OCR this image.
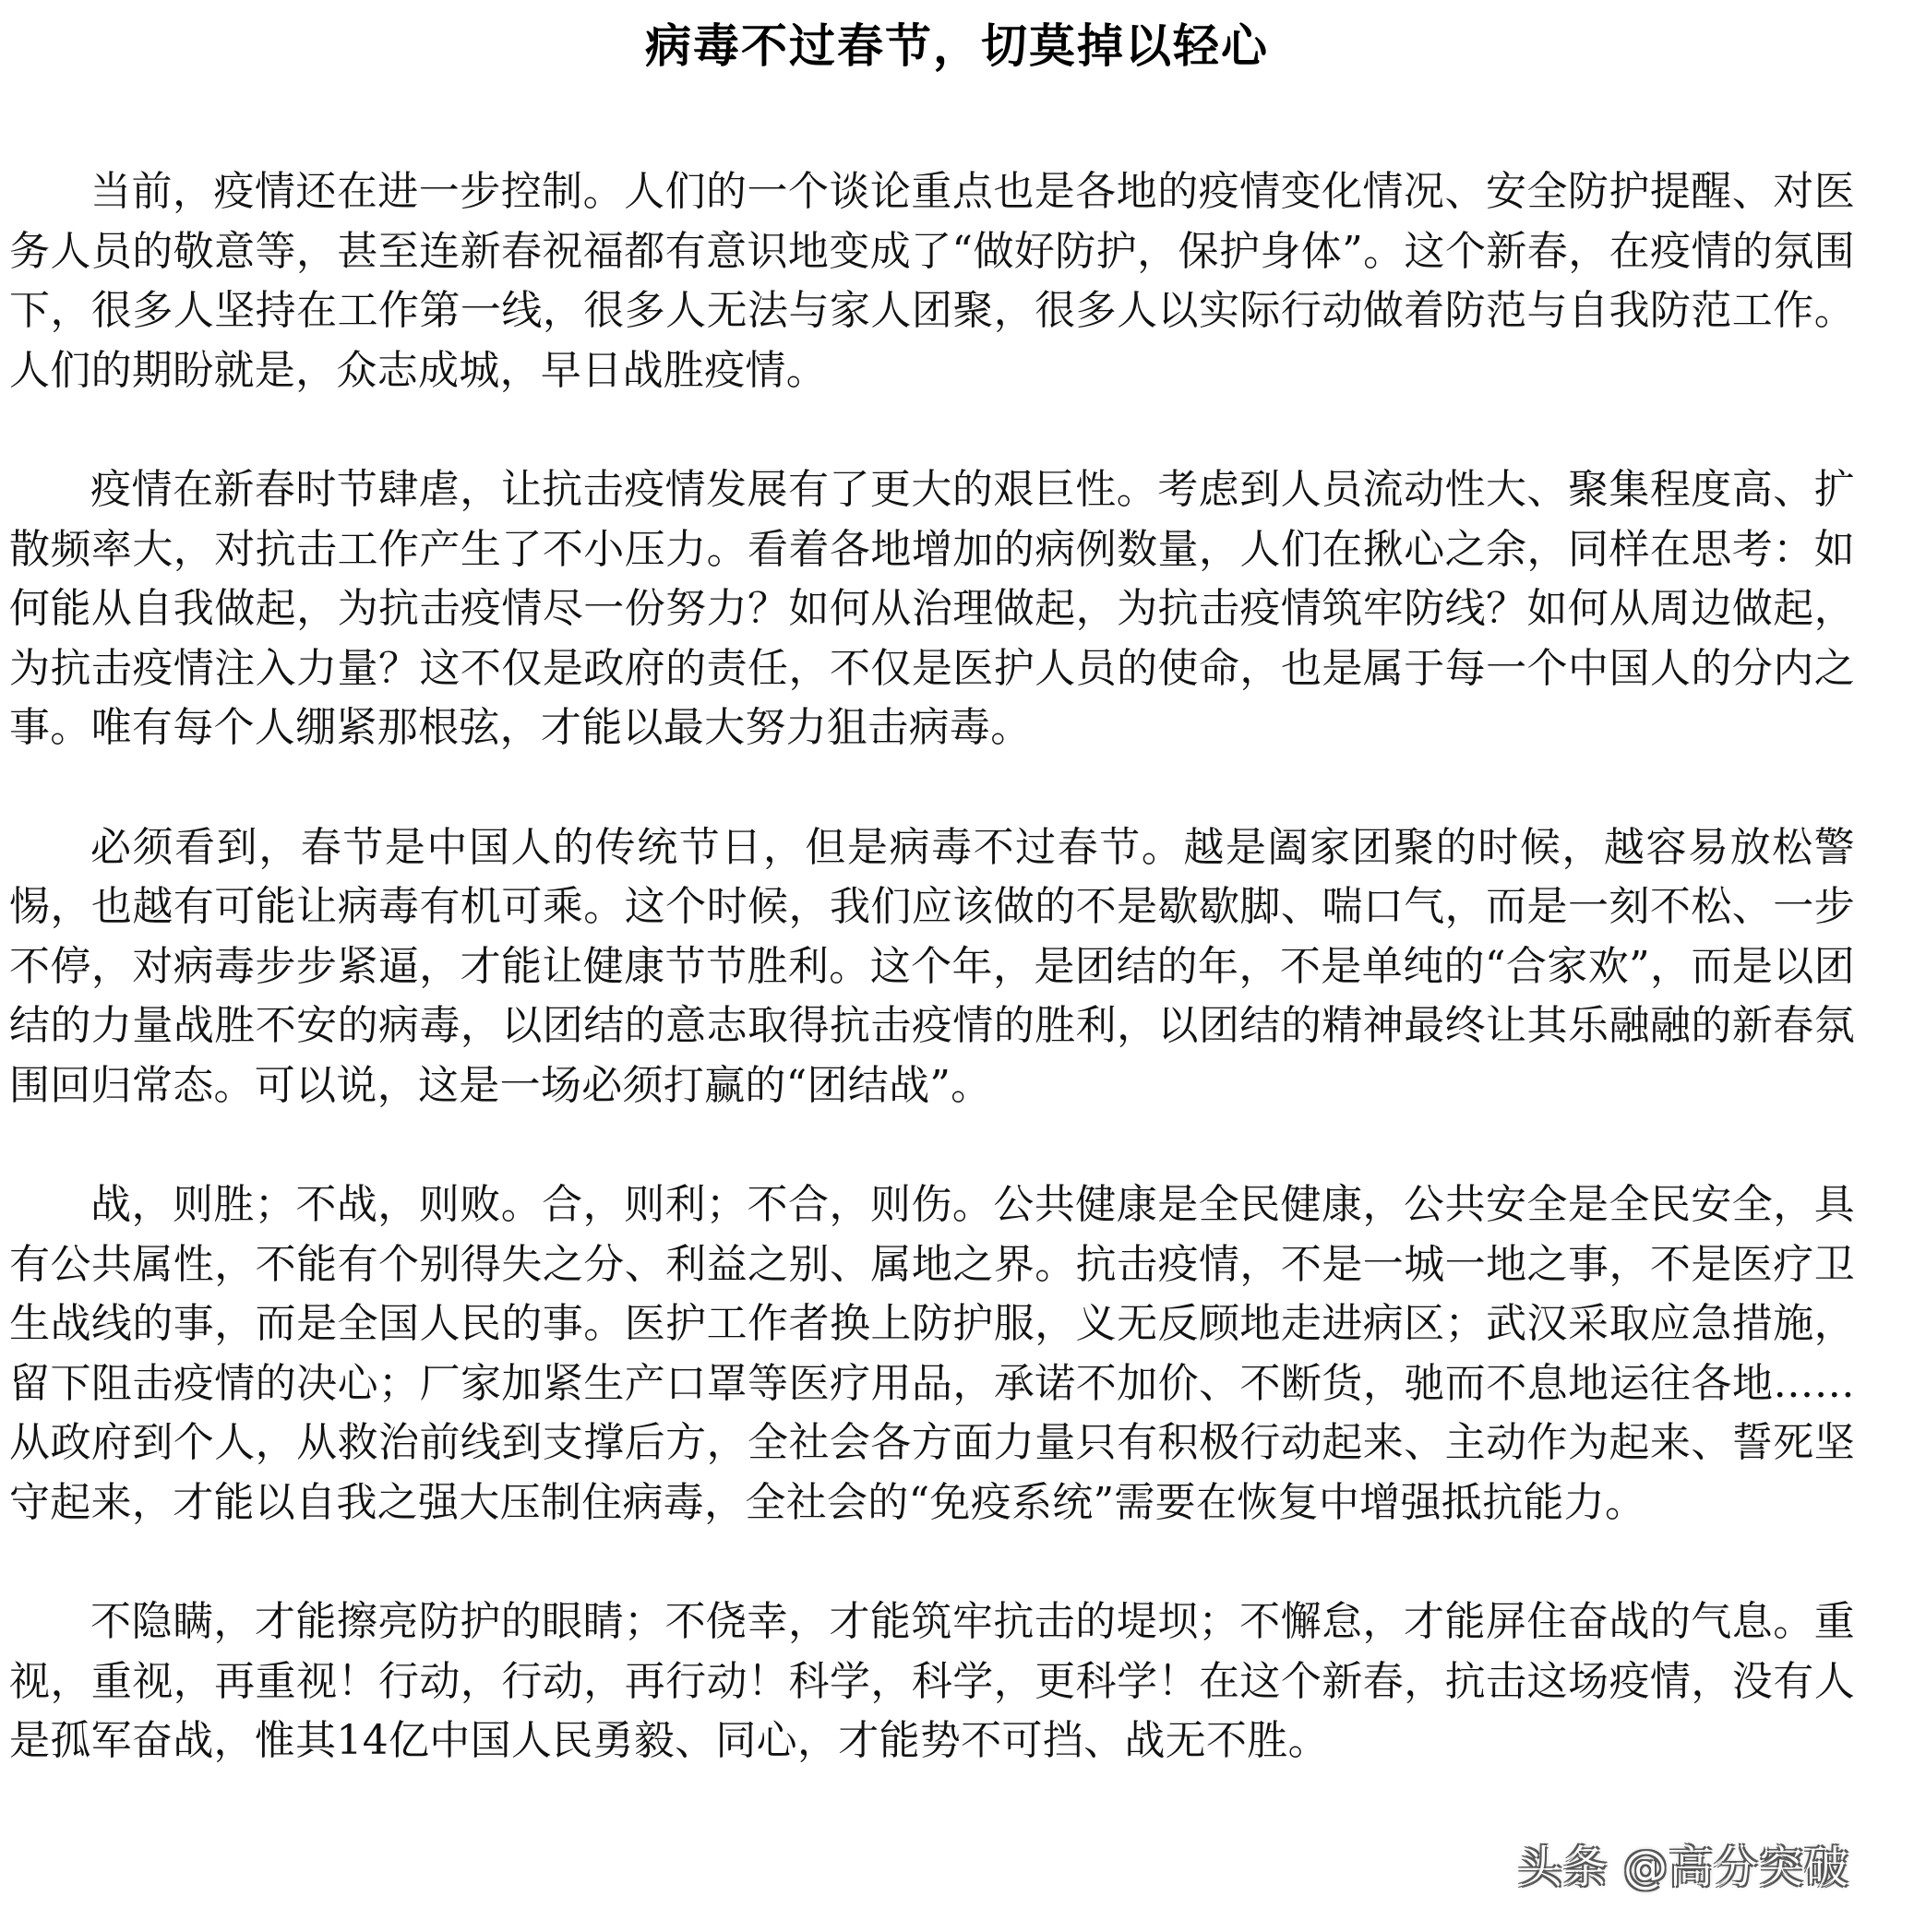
病毒不过春节，切莫掉以轻心

当前，疫情还在进一步控制。人们的一个谈论重点也是各地的疫情变化情况、安全防护提醒、对医务人员的敬意等，甚至连新春祝福都有意识地变成了“做好防护，保护身体”。这个新春，在疫情的氛围下，很多人坚持在工作第一线，很多人无法与家人团聚，很多人以实际行动做着防范与自我防范工作。人们的期盼就是，众志成城，早日战胜疫情。

疫情在新春时节肆虐，让抗击疫情发展有了更大的艰巨性。考虑到人员流动性大、聚集程度高、扩散频率大，对抗击工作产生了不小压力。看着各地增加的病例数量，人们在揪心之余，同样在思考：如何能从自我做起，为抗击疫情尽一份努力？如何从治理做起，为抗击疫情筑牢防线？如何从周边做起，为抗击疫情注入力量？这不仅是政府的责任，不仅是医护人员的使命，也是属于每一个中国人的分内之事。唯有每个人绷紧那根弦，才能以最大努力狙击病毒。

必须看到，春节是中国人的传统节日，但是病毒不过春节。越是阖家团聚的时候，越容易放松警惕，也越有可能让病毒有机可乘。这个时候，我们应该做的不是歇歇脚、喘口气，而是一刻不松、一步不停，对病毒步步紧逼，才能让健康节节胜利。这个年，是团结的年，不是单纯的“合家欢”，而是以团结的力量战胜不安的病毒，以团结的意志取得抗击疫情的胜利，以团结的精神最终让其乐融融的新春氛围回归常态。可以说，这是一场必须打赢的“团结战”。

战，则胜；不战，则败。合，则利；不合，则伤。公共健康是全民健康，公共安全是全民安全，具有公共属性，不能有个别得失之分、利益之别、属地之界。抗击疫情，不是一城一地之事，不是医疗卫生战线的事，而是全国人民的事。医护工作者换上防护服，义无反顾地走进病区；武汉采取应急措施，留下阻击疫情的决心；厂家加紧生产口罩等医疗用品，承诺不加价、不断货，驰而不息地运往各地……从政府到个人，从救治前线到支撑后方，全社会各方面力量只有积极行动起来、主动作为起来、誓死坚守起来，才能以自我之强大压制住病毒，全社会的“免疫系统”需要在恢复中增强抵抗能力。

不隐瞒，才能擦亮防护的眼睛；不侥幸，才能筑牢抗击的堤坝；不懈怠，才能屏住奋战的气息。重视，重视，再重视！行动，行动，再行动！科学，科学，更科学！在这个新春，抗击这场疫情，没有人是孤军奋战，惟其14亿中国人民勇毅、同心，才能势不可挡、战无不胜。

头条 @高分突破
